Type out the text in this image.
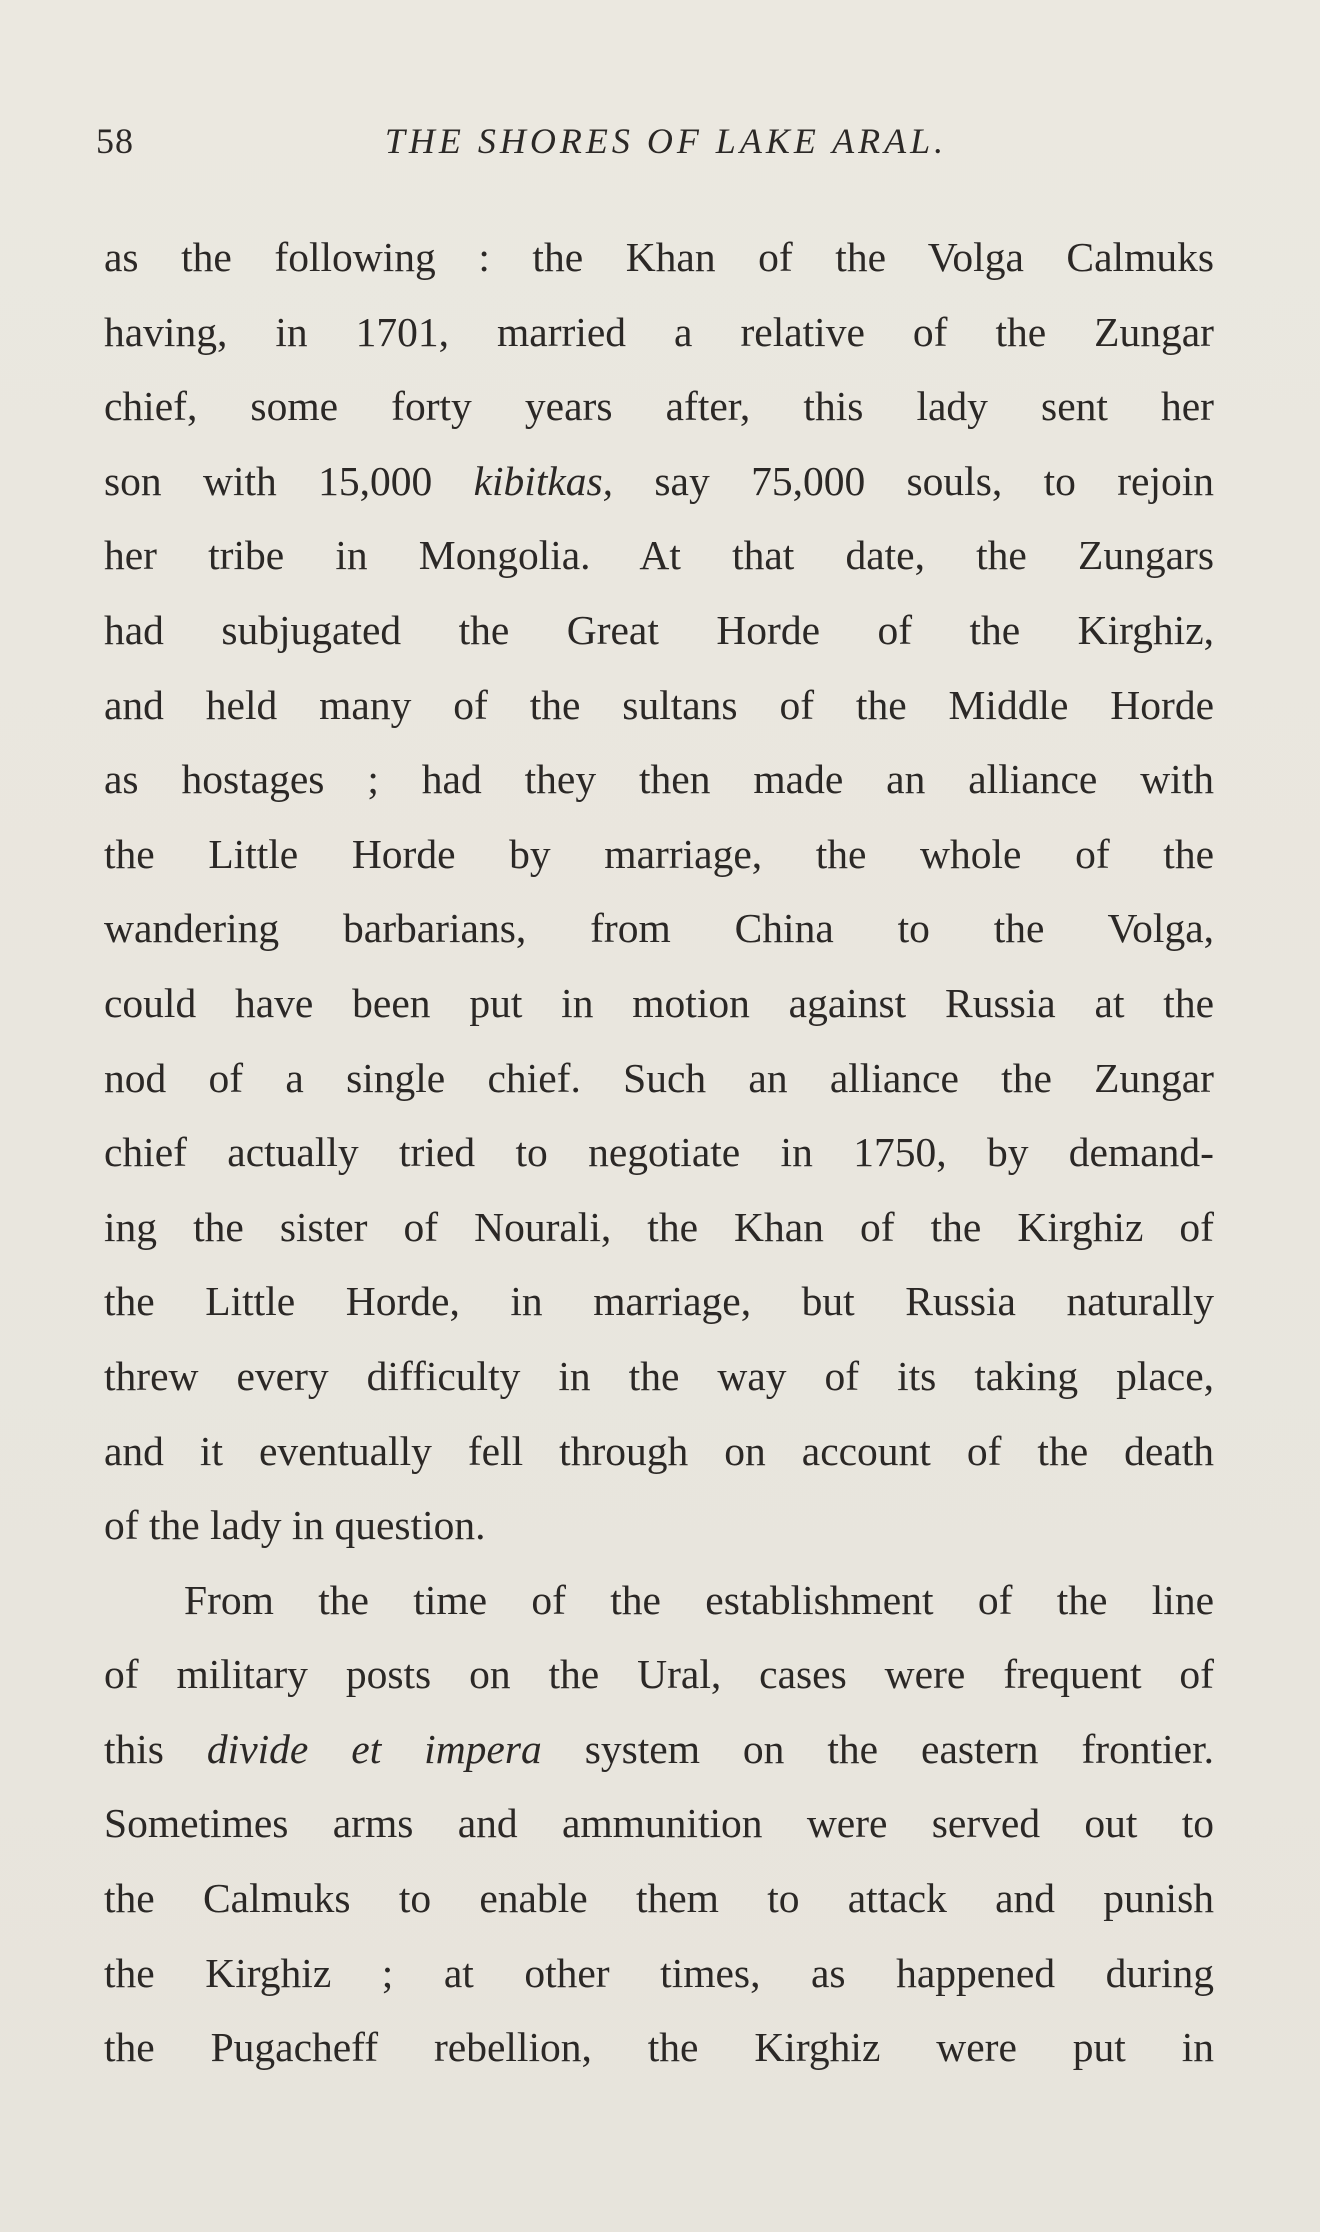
58	THE SHORES OF LAKE ARAL.
as the following : the Khan of the Volga Calmuks
having, in 1701, married a relative of the Zungar
chief, some forty years after, this lady sent her
son with 15,000 kibitkas, say 75,000 souls, to rejoin
her tribe in Mongolia. At that date, the Zungars
had subjugated the Great Horde of the Kirghiz,
and held many of the sultans of the Middle Horde
as hostages ; had they then made an alliance with
the Little Horde by marriage, the whole of the
wandering barbarians, from China to the Volga,
could have been put in motion against Russia at the
nod of a single chief. Such an alliance the Zungar
chief actually tried to negotiate in 1750, by demand-
ing the sister of Nourali, the Khan of the Kirghiz of
the Little Horde, in marriage, but Russia naturally
threw every difficulty in the way of its taking place,
and it eventually fell through on account of the death
of the lady in question.
From the time of the establishment of the line
of military posts on the Ural, cases were frequent of
this divide et impera system on the eastern frontier.
Sometimes arms and ammunition were served out to
the Calmuks to enable them to attack and punish
the Kirghiz ; at other times, as happened during
the Pugacheff rebellion, the Kirghiz were put in
